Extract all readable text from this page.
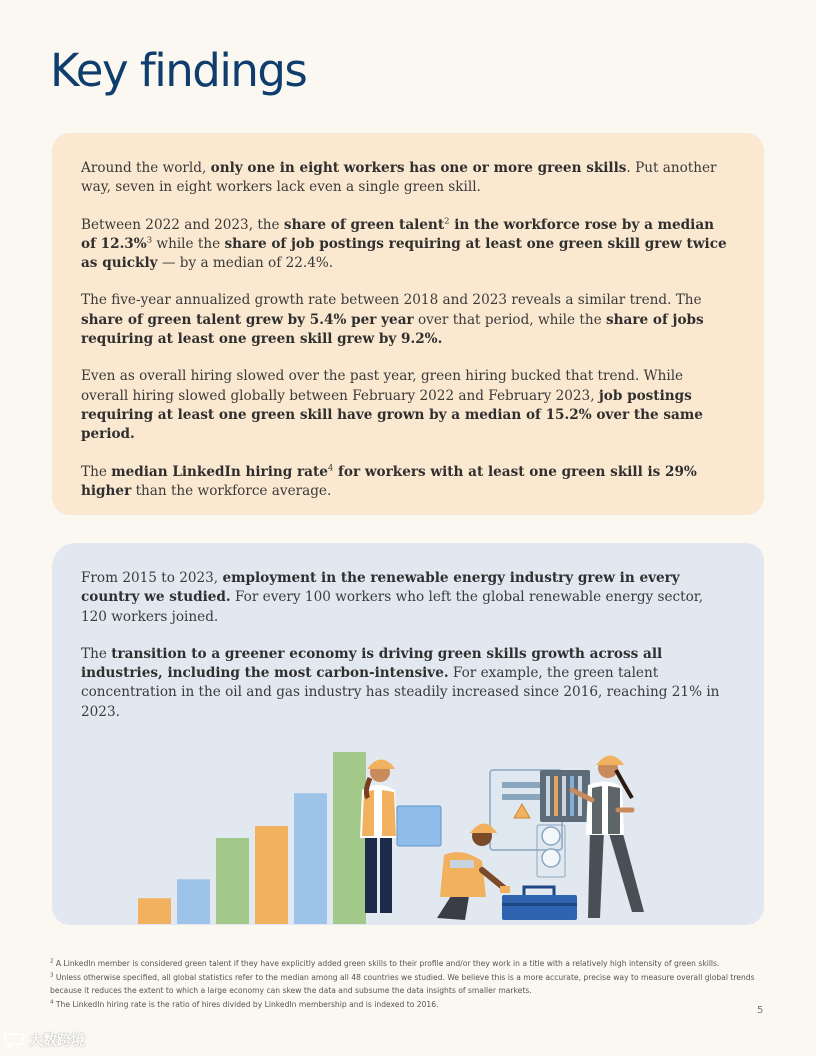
Key findings

Around the world, only one in eight workers has one or more green skills. Put another way, seven in eight workers lack even a single green skill.

Between 2022 and 2023, the share of green talent$^2$ in the workforce rose by a median of 12.3%$^3$ while the share of job postings requiring at least one green skill grew twice as quickly — by a median of 22.4%.

The five-year annualized growth rate between 2018 and 2023 reveals a similar trend. The share of green talent grew by 5.4% per year over that period, while the share of jobs requiring at least one green skill grew by 9.2%.

Even as overall hiring slowed over the past year, green hiring bucked that trend. While overall hiring slowed globally between February 2022 and February 2023, job postings requiring at least one green skill have grown by a median of 15.2% over the same period.

The median LinkedIn hiring rate$^4$ for workers with at least one green skill is 29% higher than the workforce average.

From 2015 to 2023, employment in the renewable energy industry grew in every country we studied. For every 100 workers who left the global renewable energy sector, 120 workers joined.

The transition to a greener economy is driving green skills growth across all industries, including the most carbon-intensive. For example, the green talent concentration in the oil and gas industry has steadily increased since 2016, reaching 21% in 2023.

$^2$ A LinkedIn member is considered green talent if they have explicitly added green skills to their profile and/or they work in a title with a relatively high intensity of green skills.

$^3$ Unless otherwise specified, all global statistics refer to the median among all 48 countries we studied. We believe this is a more accurate, precise way to measure overall global trends because it reduces the extent to which a large economy can skew the data and subsume the data insights of smaller markets.

$^4$ The LinkedIn hiring rate is the ratio of hires divided by LinkedIn membership and is indexed to 2016.

5
大数跨境
